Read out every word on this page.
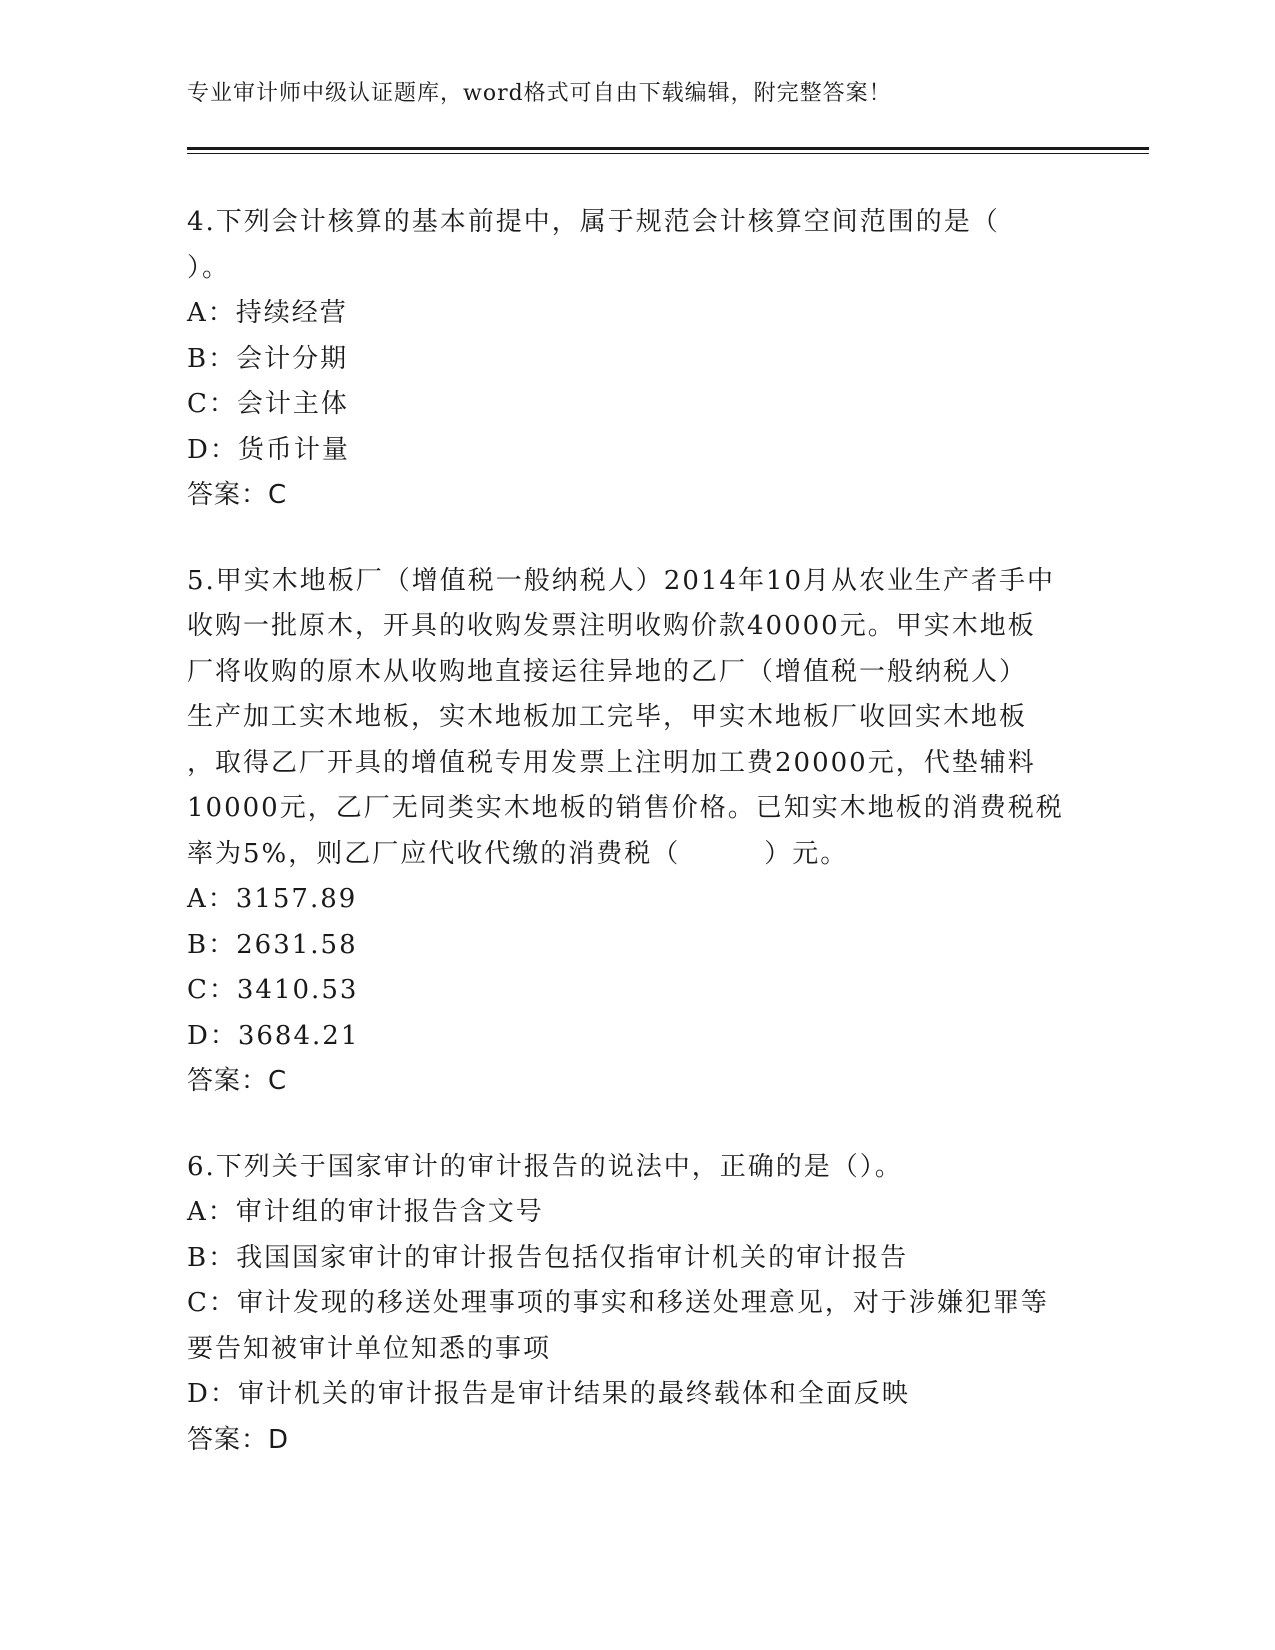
专业审计师中级认证题库，word格式可自由下载编辑，附完整答案！
4.下列会计核算的基本前提中，属于规范会计核算空间范围的是（
）。
A：持续经营
B：会计分期
C：会计主体
D：货币计量
答案：C
5.甲实木地板厂（增值税一般纳税人）2014年10月从农业生产者手中
收购一批原木，开具的收购发票注明收购价款40000元。甲实木地板
厂将收购的原木从收购地直接运往异地的乙厂（增值税一般纳税人）
生产加工实木地板，实木地板加工完毕，甲实木地板厂收回实木地板
，取得乙厂开具的增值税专用发票上注明加工费20000元，代垫辅料
10000元，乙厂无同类实木地板的销售价格。已知实木地板的消费税税
率为5%，则乙厂应代收代缴的消费税（　　　）元。
A：3157.89
B：2631.58
C：3410.53
D：3684.21
答案：C
6.下列关于国家审计的审计报告的说法中，正确的是（）。
A：审计组的审计报告含文号
B：我国国家审计的审计报告包括仅指审计机关的审计报告
C：审计发现的移送处理事项的事实和移送处理意见，对于涉嫌犯罪等
要告知被审计单位知悉的事项
D：审计机关的审计报告是审计结果的最终载体和全面反映
答案：D
